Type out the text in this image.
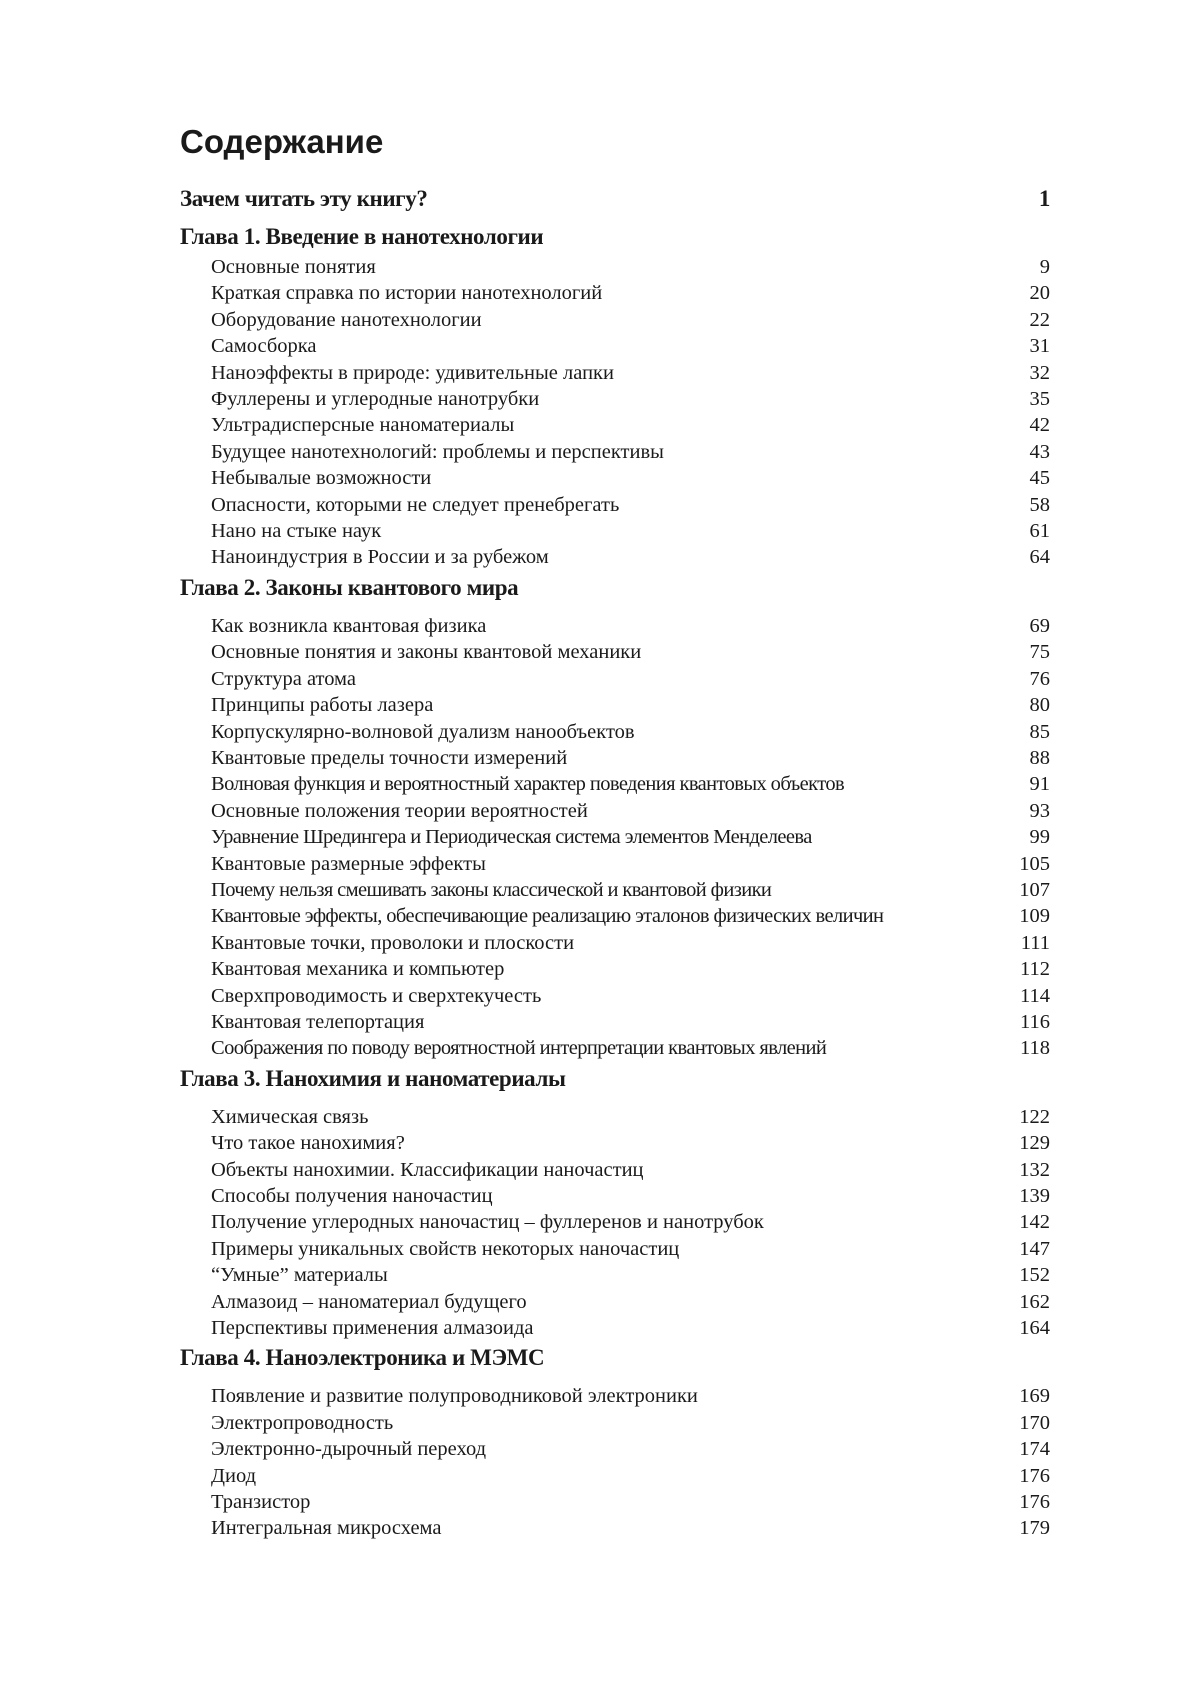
Содержание
Зачем читать эту книгу?	1
Глава 1. Введение в нанотехнологии
Основные понятия	9
Краткая справка по истории нанотехнологий	20
Оборудование нанотехнологии	22
Самосборка	31
Наноэффекты в природе: удивительные лапки	32
Фуллерены и углеродные нанотрубки	35
Ультрадисперсные наноматериалы	42
Будущее нанотехнологий: проблемы и перспективы	43
Небывалые возможности	45
Опасности, которыми не следует пренебрегать	58
Нано на стыке наук	61
Наноиндустрия в России и за рубежом	64
Глава 2. Законы квантового мира
Как возникла квантовая физика	69
Основные понятия и законы квантовой механики	75
Структура атома	76
Принципы работы лазера	80
Корпускулярно-волновой дуализм нанообъектов	85
Квантовые пределы точности измерений	88
Волновая функция и вероятностный характер поведения квантовых объектов	91
Основные положения теории вероятностей	93
Уравнение Шредингера и Периодическая система элементов Менделеева	99
Квантовые размерные эффекты	105
Почему нельзя смешивать законы классической и квантовой физики	107
Квантовые эффекты, обеспечивающие реализацию эталонов физических величин	109
Квантовые точки, проволоки и плоскости	111
Квантовая механика и компьютер	112
Сверхпроводимость и сверхтекучесть	114
Квантовая телепортация	116
Соображения по поводу вероятностной интерпретации квантовых явлений	118
Глава 3. Нанохимия и наноматериалы
Химическая связь	122
Что такое нанохимия?	129
Объекты нанохимии. Классификации наночастиц	132
Способы получения наночастиц	139
Получение углеродных наночастиц – фуллеренов и нанотрубок	142
Примеры уникальных свойств некоторых наночастиц	147
“Умные” материалы	152
Алмазоид – наноматериал будущего	162
Перспективы применения алмазоида	164
Глава 4. Наноэлектроника и МЭМС
Появление и развитие полупроводниковой электроники	169
Электропроводность	170
Электронно-дырочный переход	174
Диод	176
Транзистор	176
Интегральная микросхема	179
